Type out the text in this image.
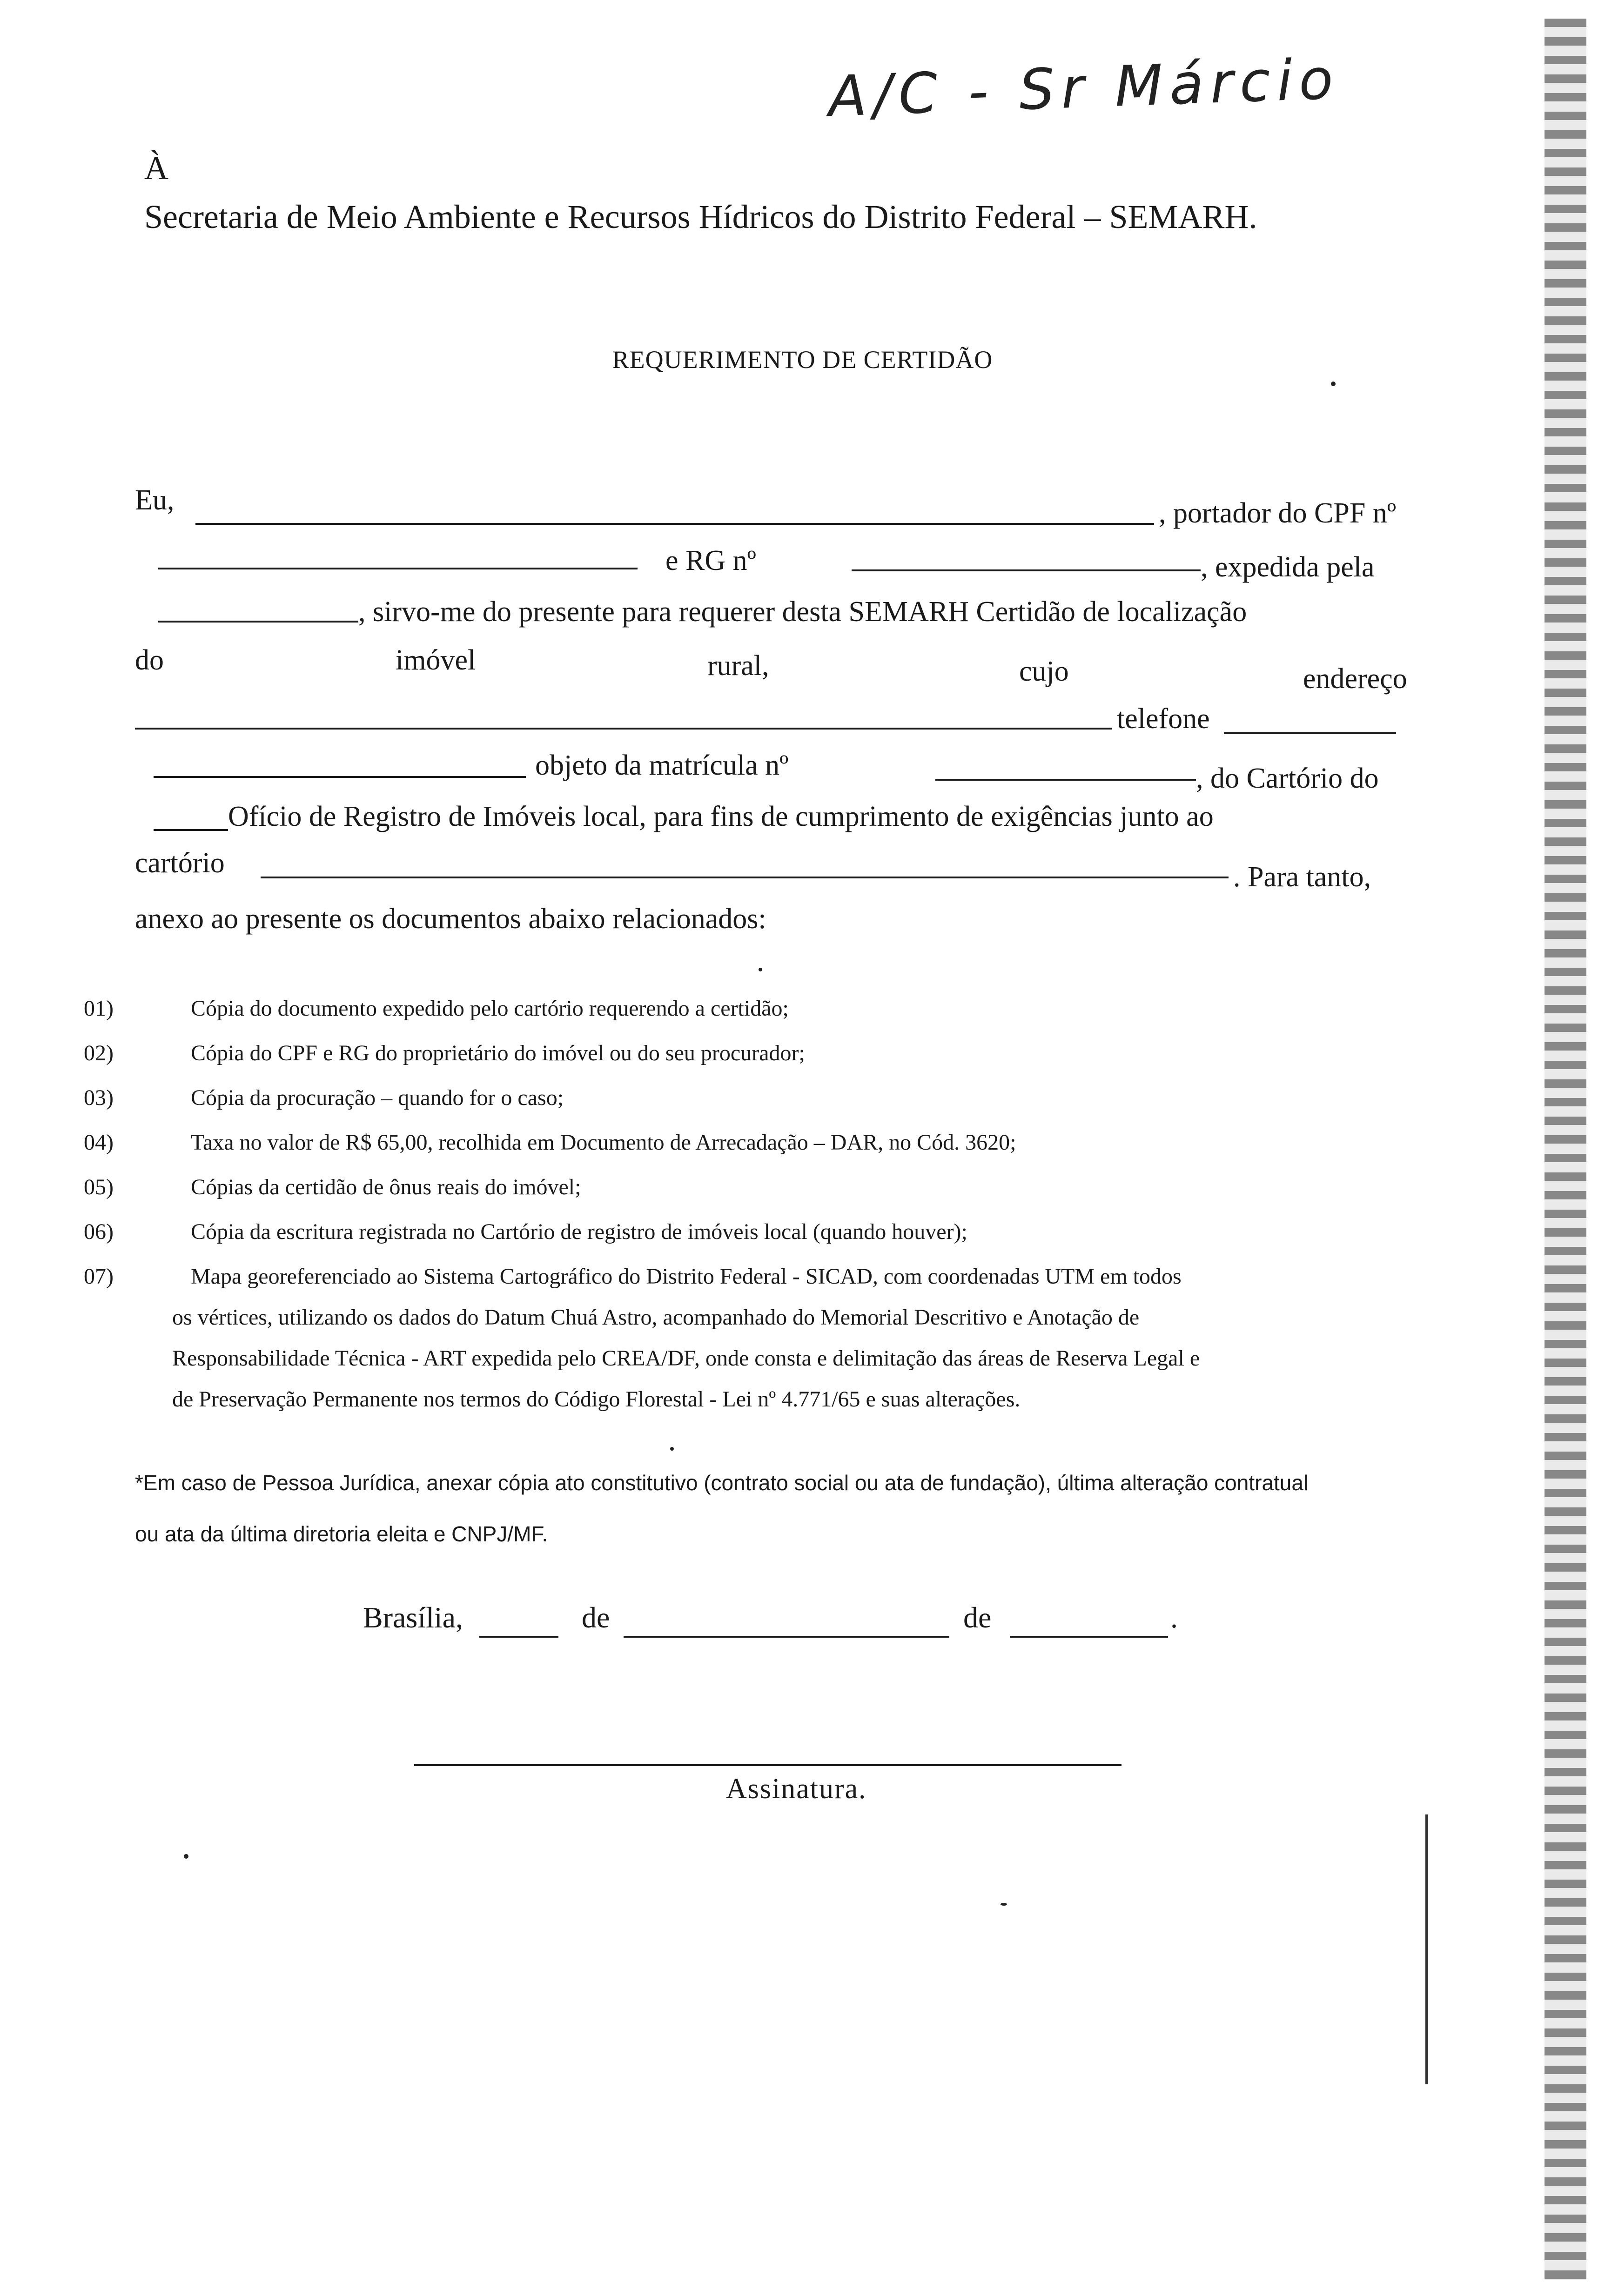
A/C - Sr Márcio
À
Secretaria de Meio Ambiente e Recursos Hídricos do Distrito Federal – SEMARH.
REQUERIMENTO DE CERTIDÃO
Eu,	, portador do CPF nº
e RG nº	, expedida pela
, sirvo-me do presente para requerer desta SEMARH Certidão de localização
do	imóvel	rural,	cujo	endereço
telefone
objeto da matrícula nº	, do Cartório do
Ofício de Registro de Imóveis local, para fins de cumprimento de exigências junto ao
cartório	. Para tanto,
anexo ao presente os documentos abaixo relacionados:
01)	Cópia do documento expedido pelo cartório requerendo a certidão;
02)	Cópia do CPF e RG do proprietário do imóvel ou do seu procurador;
03)	Cópia da procuração – quando for o caso;
04)	Taxa no valor de R$ 65,00, recolhida em Documento de Arrecadação – DAR, no Cód. 3620;
05)	Cópias da certidão de ônus reais do imóvel;
06)	Cópia da escritura registrada no Cartório de registro de imóveis local (quando houver);
07)	Mapa georeferenciado ao Sistema Cartográfico do Distrito Federal - SICAD, com coordenadas UTM em todos
os vértices, utilizando os dados do Datum Chuá Astro, acompanhado do Memorial Descritivo e Anotação de
Responsabilidade Técnica - ART expedida pelo CREA/DF, onde consta e delimitação das áreas de Reserva Legal e
de Preservação Permanente nos termos do Código Florestal - Lei nº 4.771/65 e suas alterações.
*Em caso de Pessoa Jurídica, anexar cópia ato constitutivo (contrato social ou ata de fundação), última alteração contratual
ou ata da última diretoria eleita e CNPJ/MF.
Brasília,	de	de	.
Assinatura.
